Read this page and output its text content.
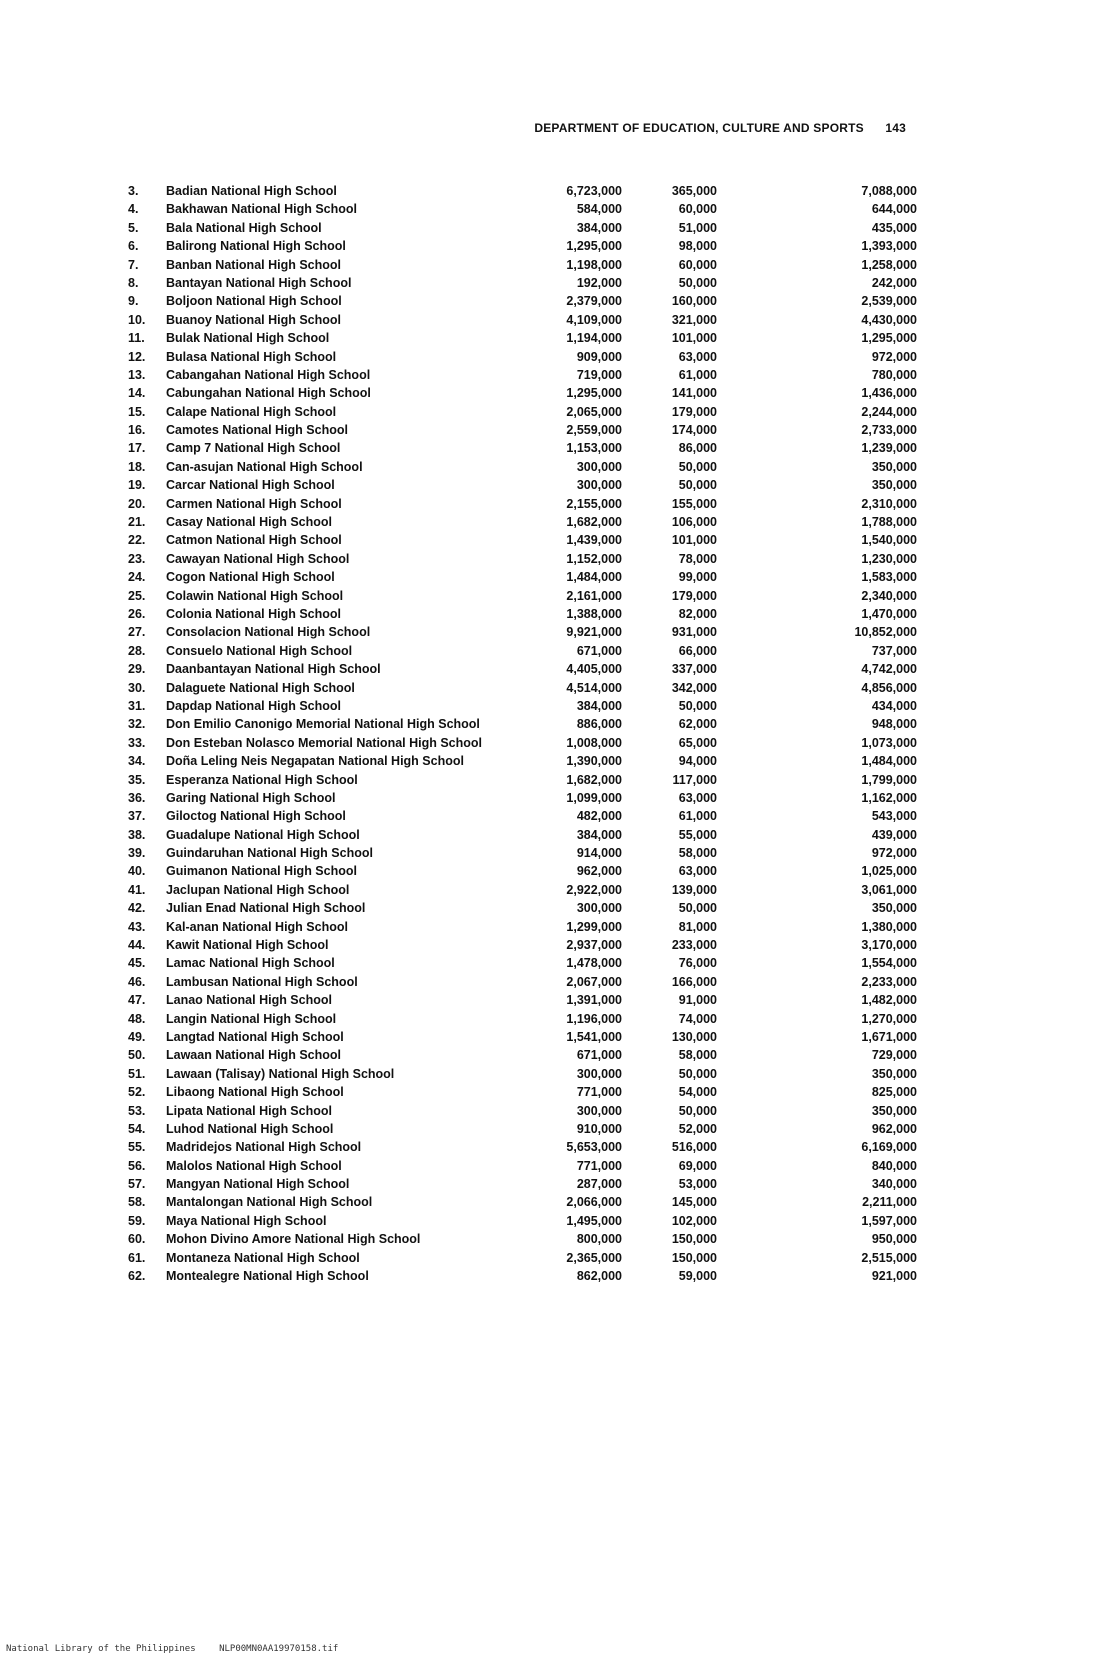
DEPARTMENT OF EDUCATION, CULTURE AND SPORTS 143
3.	Badian National High School	6,723,000	365,000	7,088,000
4.	Bakhawan National High School	584,000	60,000	644,000
5.	Bala National High School	384,000	51,000	435,000
6.	Balirong National High School	1,295,000	98,000	1,393,000
7.	Banban National High School	1,198,000	60,000	1,258,000
8.	Bantayan National High School	192,000	50,000	242,000
9.	Boljoon National High School	2,379,000	160,000	2,539,000
10.	Buanoy National High School	4,109,000	321,000	4,430,000
11.	Bulak National High School	1,194,000	101,000	1,295,000
12.	Bulasa National High School	909,000	63,000	972,000
13.	Cabangahan National High School	719,000	61,000	780,000
14.	Cabungahan National High School	1,295,000	141,000	1,436,000
15.	Calape National High School	2,065,000	179,000	2,244,000
16.	Camotes National High School	2,559,000	174,000	2,733,000
17.	Camp 7 National High School	1,153,000	86,000	1,239,000
18.	Can-asujan National High School	300,000	50,000	350,000
19.	Carcar National High School	300,000	50,000	350,000
20.	Carmen National High School	2,155,000	155,000	2,310,000
21.	Casay National High School	1,682,000	106,000	1,788,000
22.	Catmon National High School	1,439,000	101,000	1,540,000
23.	Cawayan National High School	1,152,000	78,000	1,230,000
24.	Cogon National High School	1,484,000	99,000	1,583,000
25.	Colawin National High School	2,161,000	179,000	2,340,000
26.	Colonia National High School	1,388,000	82,000	1,470,000
27.	Consolacion National High School	9,921,000	931,000	10,852,000
28.	Consuelo National High School	671,000	66,000	737,000
29.	Daanbantayan National High School	4,405,000	337,000	4,742,000
30.	Dalaguete National High School	4,514,000	342,000	4,856,000
31.	Dapdap National High School	384,000	50,000	434,000
32.	Don Emilio Canonigo Memorial National High School	886,000	62,000	948,000
33.	Don Esteban Nolasco Memorial National High School	1,008,000	65,000	1,073,000
34.	Doña Leling Neis Negapatan National High School	1,390,000	94,000	1,484,000
35.	Esperanza National High School	1,682,000	117,000	1,799,000
36.	Garing National High School	1,099,000	63,000	1,162,000
37.	Giloctog National High School	482,000	61,000	543,000
38.	Guadalupe National High School	384,000	55,000	439,000
39.	Guindaruhan National High School	914,000	58,000	972,000
40.	Guimanon National High School	962,000	63,000	1,025,000
41.	Jaclupan National High School	2,922,000	139,000	3,061,000
42.	Julian Enad National High School	300,000	50,000	350,000
43.	Kal-anan National High School	1,299,000	81,000	1,380,000
44.	Kawit National High School	2,937,000	233,000	3,170,000
45.	Lamac National High School	1,478,000	76,000	1,554,000
46.	Lambusan National High School	2,067,000	166,000	2,233,000
47.	Lanao National High School	1,391,000	91,000	1,482,000
48.	Langin National High School	1,196,000	74,000	1,270,000
49.	Langtad National High School	1,541,000	130,000	1,671,000
50.	Lawaan National High School	671,000	58,000	729,000
51.	Lawaan (Talisay) National High School	300,000	50,000	350,000
52.	Libaong National High School	771,000	54,000	825,000
53.	Lipata National High School	300,000	50,000	350,000
54.	Luhod National High School	910,000	52,000	962,000
55.	Madridejos National High School	5,653,000	516,000	6,169,000
56.	Malolos National High School	771,000	69,000	840,000
57.	Mangyan National High School	287,000	53,000	340,000
58.	Mantalongan National High School	2,066,000	145,000	2,211,000
59.	Maya National High School	1,495,000	102,000	1,597,000
60.	Mohon Divino Amore National High School	800,000	150,000	950,000
61.	Montaneza National High School	2,365,000	150,000	2,515,000
62.	Montealegre National High School	862,000	59,000	921,000
National Library of the Philippines	NLP00MN0AA19970158.tif
